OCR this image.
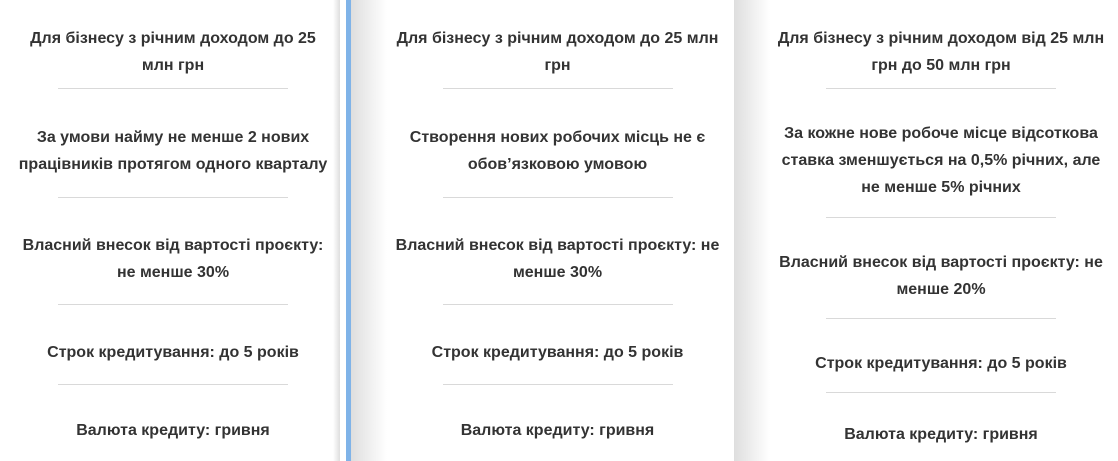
Для бізнесу з річним доходом до 25 млн грн
За умови найму не менше 2 нових працівників протягом одного кварталу
Власний внесок від вартості проєкту: не менше 30%
Строк кредитування: до 5 років
Валюта кредиту: гривня
Для бізнесу з річним доходом до 25 млн грн
Створення нових робочих місць не є обов’язковою умовою
Власний внесок від вартості проєкту: не менше 30%
Строк кредитування: до 5 років
Валюта кредиту: гривня
Для бізнесу з річним доходом від 25 млн грн до 50 млн грн
За кожне нове робоче місце відсоткова ставка зменшується на 0,5% річних, але не менше 5% річних
Власний внесок від вартості проєкту: не менше 20%
Строк кредитування: до 5 років
Валюта кредиту: гривня
